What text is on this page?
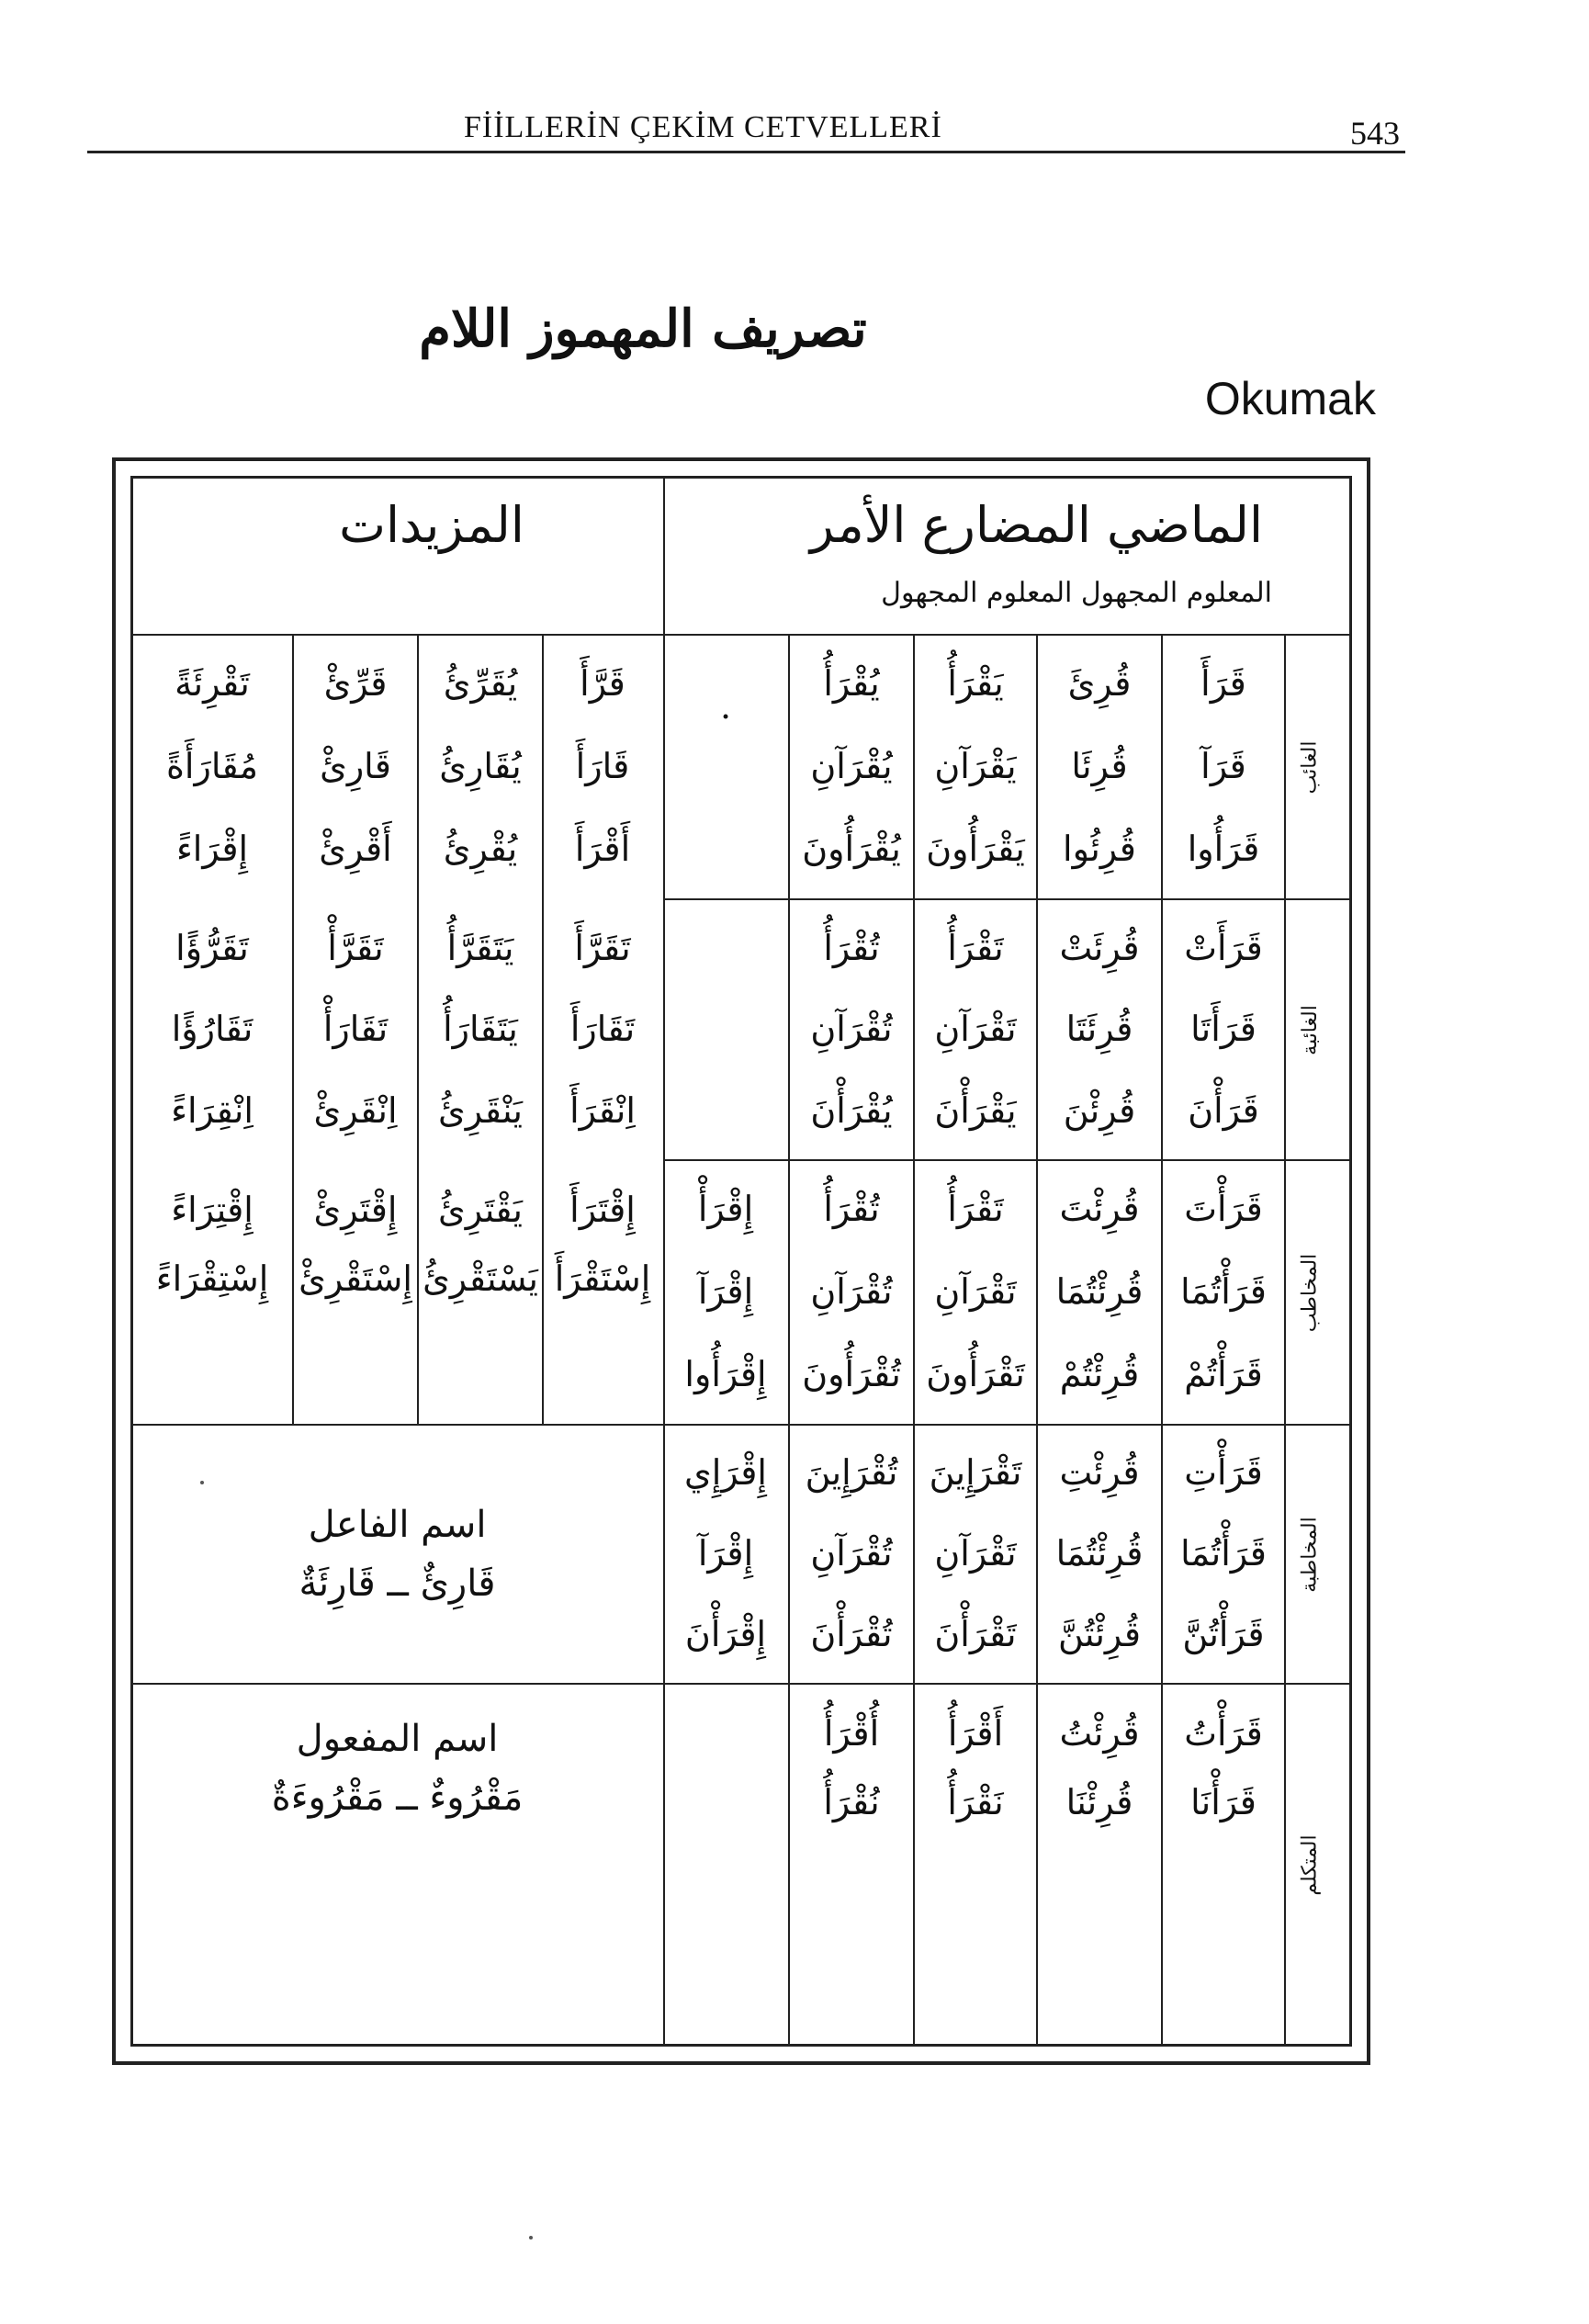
FİİLLERİN ÇEKİM CETVELLERİ	543
تصريف المهموز اللام
Okumak
المزيدات	الماضي المضارع الأمر
المعلوم المجهول المعلوم المجهول
الغائب
الغائبة
المخاطب
المخاطبة
المتكلم
قَرَأَ
قَرَآ
قَرَأُوا
قُرِئَ
قُرِئَا
قُرِئُوا
يَقْرَأُ
يَقْرَآنِ
يَقْرَأُونَ
يُقْرَأُ
يُقْرَآنِ
يُقْرَأُونَ
.
قَرَّأَ
قَارَأَ
أَقْرَأَ
يُقَرِّئُ
يُقَارِئُ
يُقْرِئُ
قَرِّئْ
قَارِئْ
أَقْرِئْ
تَقْرِئَةً
مُقَارَأَةً
إِقْرَاءً
قَرَأَتْ
قَرَأَتَا
قَرَأْنَ
قُرِئَتْ
قُرِئَتَا
قُرِئْنَ
تَقْرَأُ
تَقْرَآنِ
يَقْرَأْنَ
تُقْرَأُ
تُقْرَآنِ
يُقْرَأْنَ
تَقَرَّأَ
تَقَارَأَ
اِنْقَرَأَ
يَتَقَرَّأُ
يَتَقَارَأُ
يَنْقَرِئُ
تَقَرَّأْ
تَقَارَأْ
اِنْقَرِئْ
تَقَرُّؤًا
تَقَارُؤًا
اِنْقِرَاءً
قَرَأْتَ
قَرَأْتُمَا
قَرَأْتُمْ
قُرِئْتَ
قُرِئْتُمَا
قُرِئْتُمْ
تَقْرَأُ
تَقْرَآنِ
تَقْرَأُونَ
تُقْرَأُ
تُقْرَآنِ
تُقْرَأُونَ
إِقْرَأْ
إِقْرَآ
إِقْرَأُوا
إِقْتَرَأَ
إِسْتَقْرَأَ
يَقْتَرِئُ
يَسْتَقْرِئُ
إِقْتَرِئْ
إِسْتَقْرِئْ
إِقْتِرَاءً
إِسْتِقْرَاءً
قَرَأْتِ
قَرَأْتُمَا
قَرَأْتُنَّ
قُرِئْتِ
قُرِئْتُمَا
قُرِئْتُنَّ
تَقْرَإِينَ
تَقْرَآنِ
تَقْرَأْنَ
تُقْرَإِينَ
تُقْرَآنِ
تُقْرَأْنَ
إِقْرَإِي
إِقْرَآ
إِقْرَأْنَ
اسم الفاعل
قَارِئٌ ــ قَارِئَةٌ
قَرَأْتُ
قَرَأْنَا
قُرِئْتُ
قُرِئْنَا
أَقْرَأُ
نَقْرَأُ
أُقْرَأُ
نُقْرَأُ
اسم المفعول
مَقْرُوءٌ ــ مَقْرُوءَةٌ
